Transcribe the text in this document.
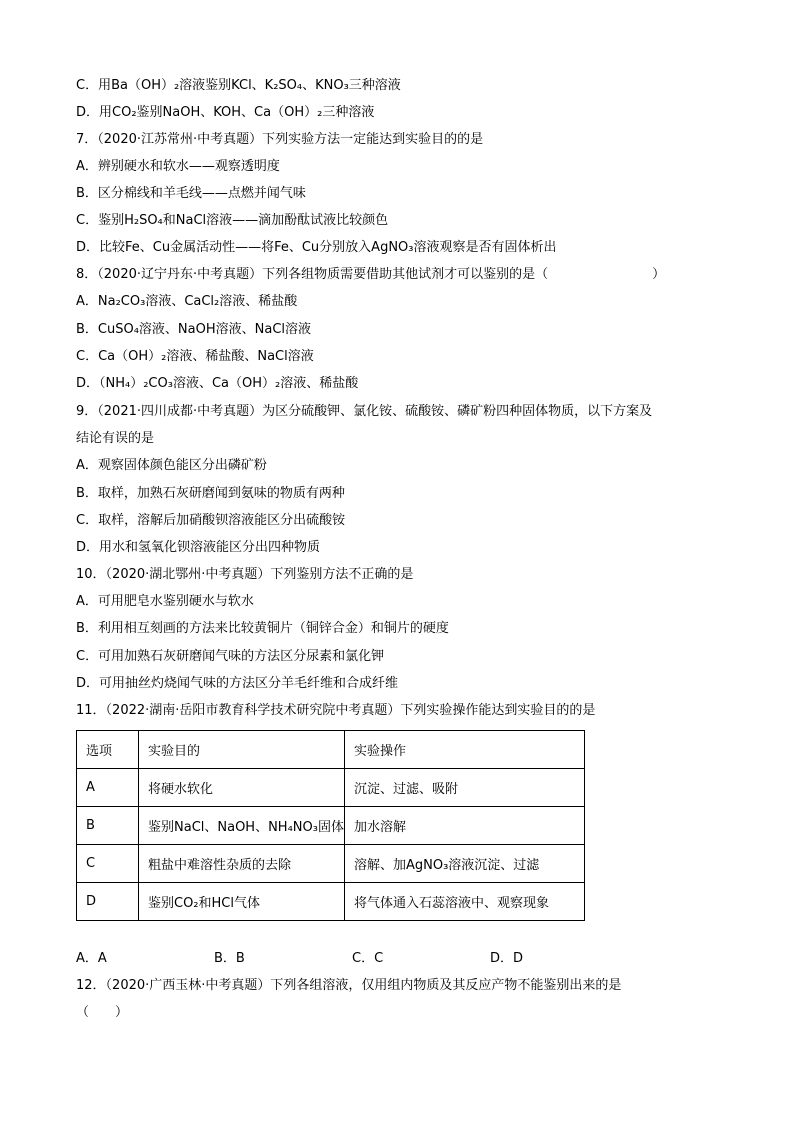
C．用Ba（OH）₂溶液鉴别KCl、K₂SO₄、KNO₃三种溶液
D．用CO₂鉴别NaOH、KOH、Ca（OH）₂三种溶液
7．（2020·江苏常州·中考真题）下列实验方法一定能达到实验目的的是
A．辨别硬水和软水——观察透明度
B．区分棉线和羊毛线——点燃并闻气味
C．鉴别H₂SO₄和NaCl溶液——滴加酚酞试液比较颜色
D．比较Fe、Cu金属活动性——将Fe、Cu分别放入AgNO₃溶液观察是否有固体析出
8．（2020·辽宁丹东·中考真题）下列各组物质需要借助其他试剂才可以鉴别的是（　　　　　　　　）
A．Na₂CO₃溶液、CaCl₂溶液、稀盐酸
B．CuSO₄溶液、NaOH溶液、NaCl溶液
C．Ca（OH）₂溶液、稀盐酸、NaCl溶液
D．（NH₄）₂CO₃溶液、Ca（OH）₂溶液、稀盐酸
9．（2021·四川成都·中考真题）为区分硫酸钾、氯化铵、硫酸铵、磷矿粉四种固体物质，以下方案及
结论有误的是
A．观察固体颜色能区分出磷矿粉
B．取样，加熟石灰研磨闻到氨味的物质有两种
C．取样，溶解后加硝酸钡溶液能区分出硫酸铵
D．用水和氢氧化钡溶液能区分出四种物质
10．（2020·湖北鄂州·中考真题）下列鉴别方法不正确的是
A．可用肥皂水鉴别硬水与软水
B．利用相互刻画的方法来比较黄铜片（铜锌合金）和铜片的硬度
C．可用加熟石灰研磨闻气味的方法区分尿素和氯化钾
D．可用抽丝灼烧闻气味的方法区分羊毛纤维和合成纤维
11．（2022·湖南·岳阳市教育科学技术研究院中考真题）下列实验操作能达到实验目的的是
选项	实验目的	实验操作
A	将硬水软化	沉淀、过滤、吸附
B	鉴别NaCl、NaOH、NH₄NO₃固体	加水溶解
C	粗盐中难溶性杂质的去除	溶解、加AgNO₃溶液沉淀、过滤
D	鉴别CO₂和HCl气体	将气体通入石蕊溶液中、观察现象
A．A	B．B	C．C	D．D
12．（2020·广西玉林·中考真题）下列各组溶液，仅用组内物质及其反应产物不能鉴别出来的是
（　　）
